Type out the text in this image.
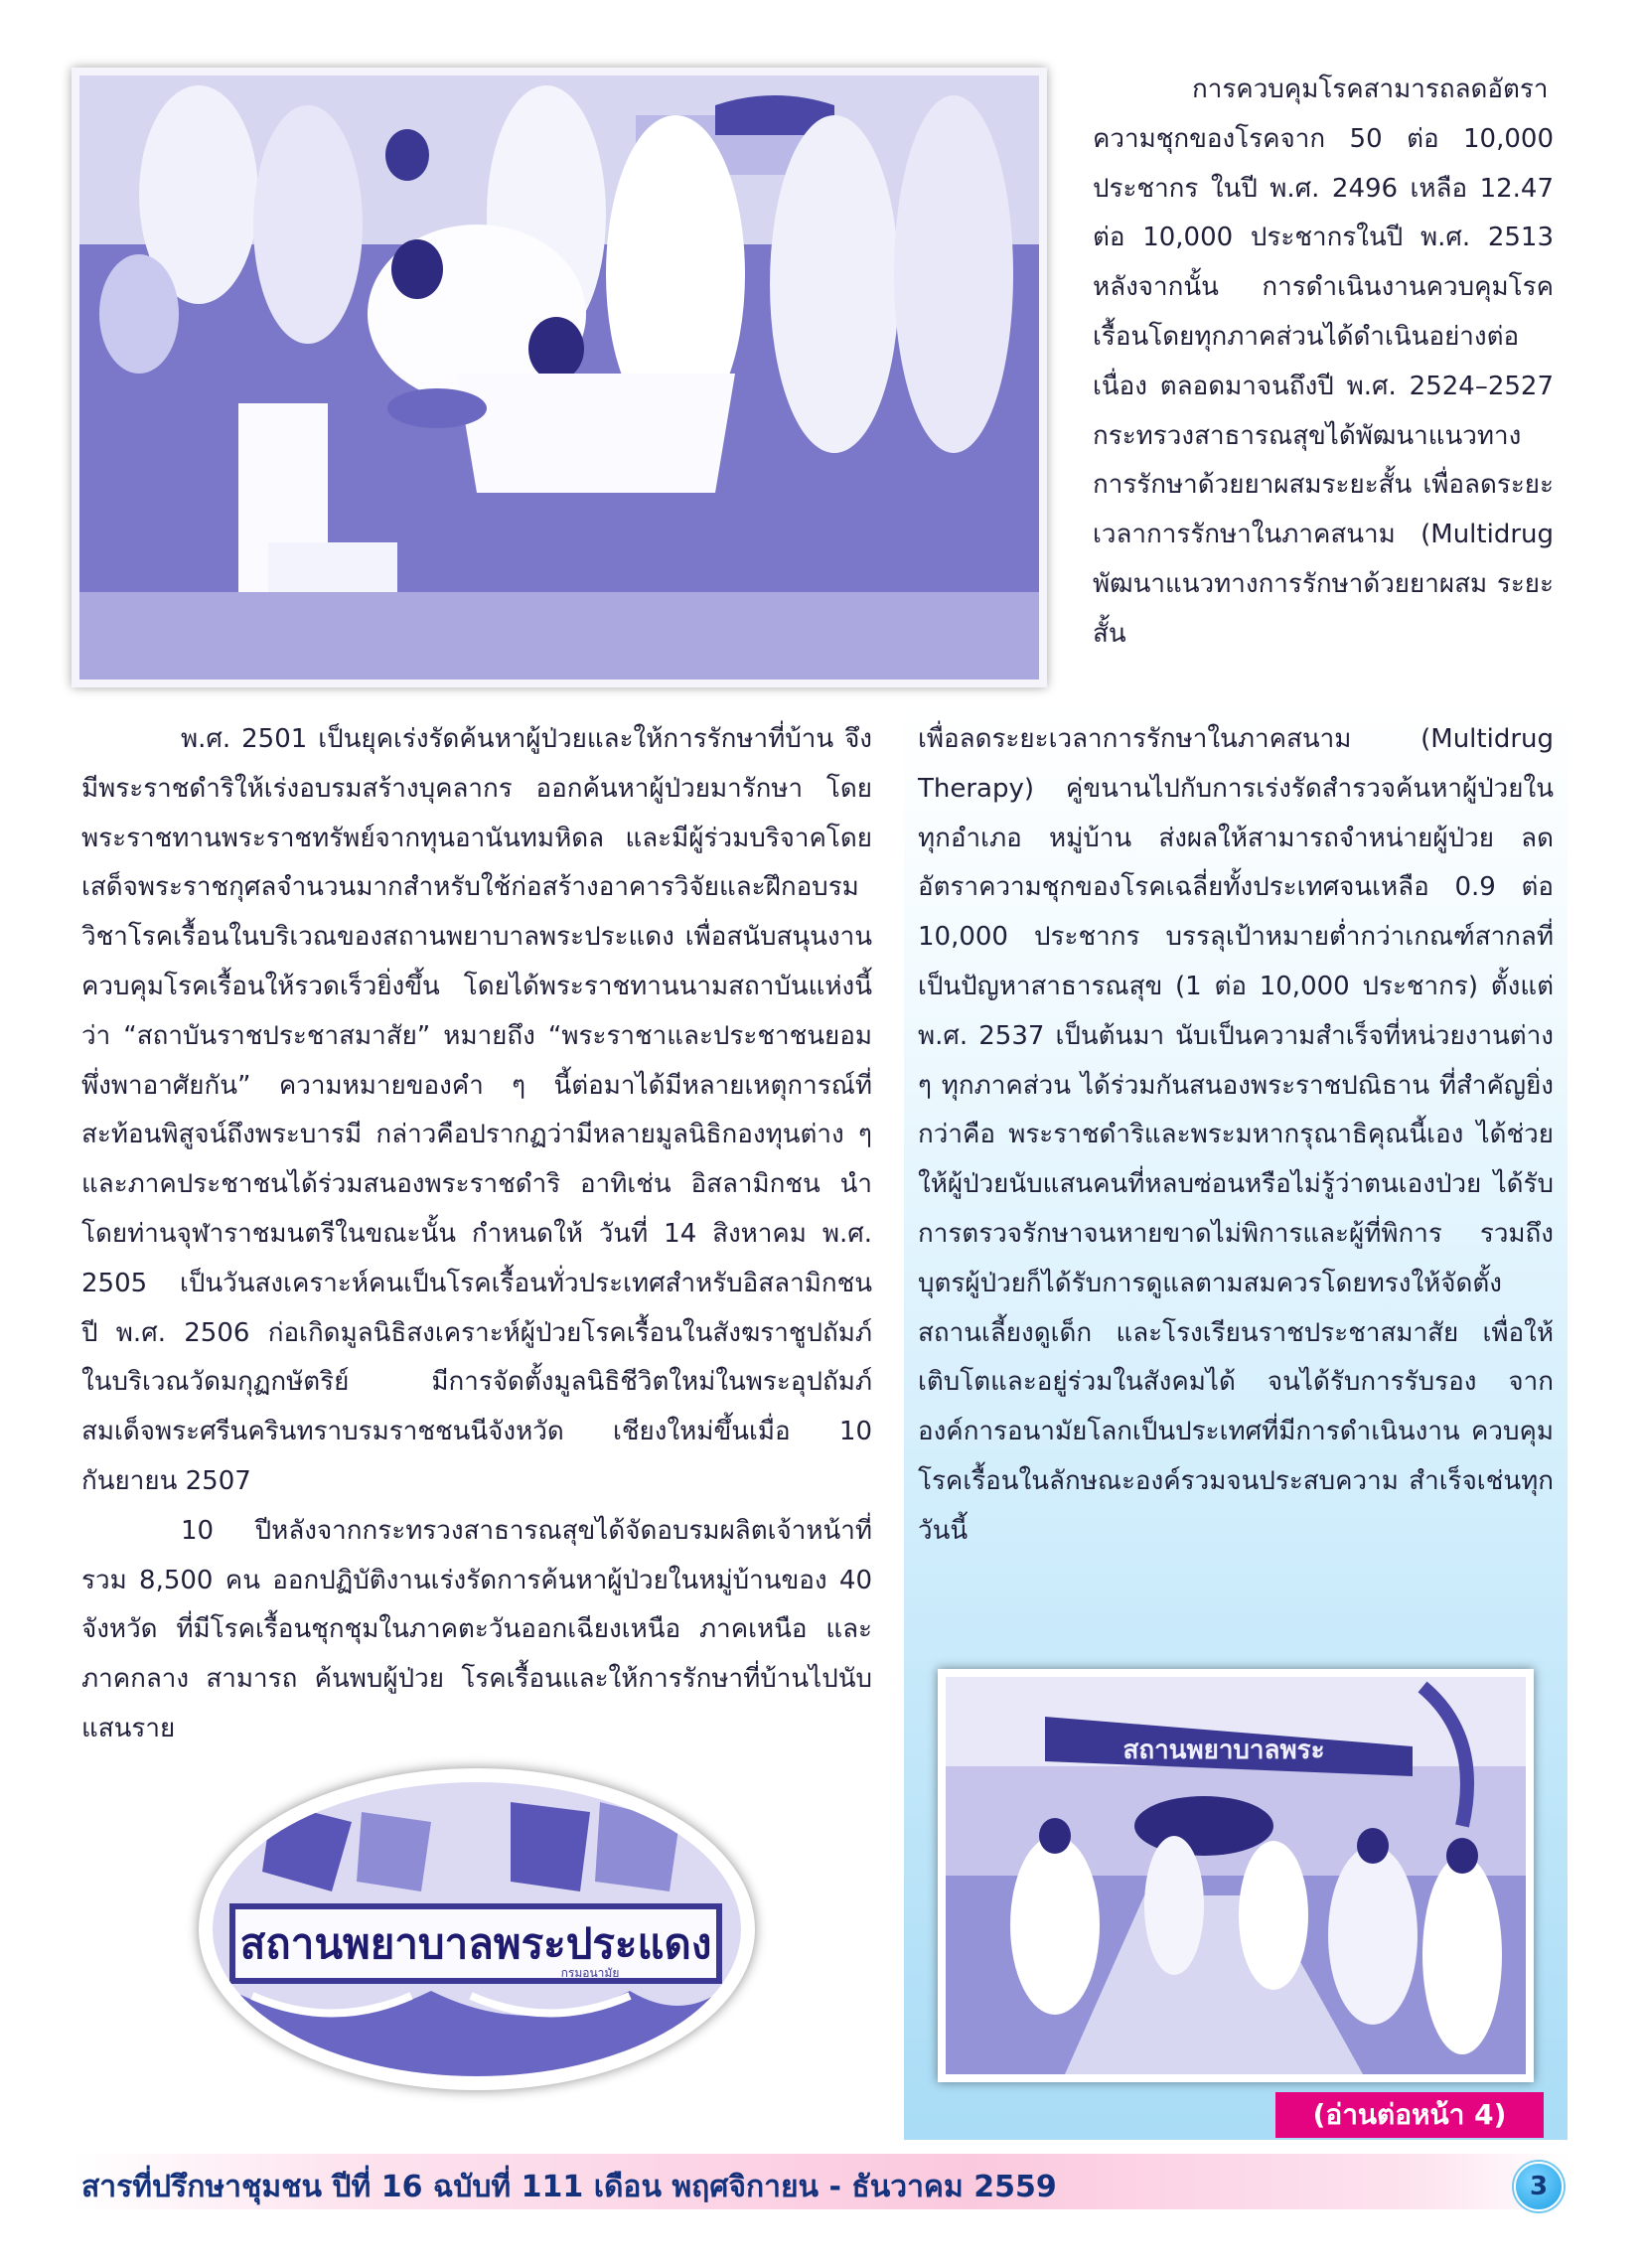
การควบคุมโรคสามารถลดอัตราความชุกของโรคจาก 50 ต่อ 10,000 ประชากร ในปี พ.ศ. 2496 เหลือ 12.47 ต่อ 10,000 ประชากรในปี พ.ศ. 2513 หลังจากนั้น การดำเนินงานควบคุมโรคเรื้อนโดยทุกภาคส่วนได้ดำเนินอย่างต่อเนื่อง ตลอดมาจนถึงปี พ.ศ. 2524–2527 กระทรวงสาธารณสุขได้พัฒนาแนวทางการรักษาด้วยยาผสมระยะสั้น เพื่อลดระยะเวลาการรักษาในภาคสนาม (Multidrug พัฒนาแนวทางการรักษาด้วยยาผสม ระยะสั้น

พ.ศ. 2501 เป็นยุคเร่งรัดค้นหาผู้ป่วยและให้การรักษาที่บ้าน จึงมีพระราชดำริให้เร่งอบรมสร้างบุคลากร ออกค้นหาผู้ป่วยมารักษา โดยพระราชทานพระราชทรัพย์จากทุนอานันทมหิดล และมีผู้ร่วมบริจาคโดยเสด็จพระราชกุศลจำนวนมากสำหรับใช้ก่อสร้างอาคารวิจัยและฝึกอบรมวิชาโรคเรื้อนในบริเวณของสถานพยาบาลพระประแดง เพื่อสนับสนุนงานควบคุมโรคเรื้อนให้รวดเร็วยิ่งขึ้น โดยได้พระราชทานนามสถาบันแห่งนี้ว่า “สถาบันราชประชาสมาสัย” หมายถึง “พระราชาและประชาชนยอมพึ่งพาอาศัยกัน” ความหมายของคำ ๆ นี้ต่อมาได้มีหลายเหตุการณ์ที่สะท้อนพิสูจน์ถึงพระบารมี กล่าวคือปรากฏว่ามีหลายมูลนิธิกองทุนต่าง ๆ และภาคประชาชนได้ร่วมสนองพระราชดำริ อาทิเช่น อิสลามิกชน นำโดยท่านจุฬาราชมนตรีในขณะนั้น กำหนดให้ วันที่ 14 สิงหาคม พ.ศ. 2505 เป็นวันสงเคราะห์คนเป็นโรคเรื้อนทั่วประเทศสำหรับอิสลามิกชน ปี พ.ศ. 2506 ก่อเกิดมูลนิธิสงเคราะห์ผู้ป่วยโรคเรื้อนในสังฆราชูปถัมภ์ ในบริเวณวัดมกุฏกษัตริย์ มีการจัดตั้งมูลนิธิชีวิตใหม่ในพระอุปถัมภ์ สมเด็จพระศรีนครินทราบรมราชชนนีจังหวัด เชียงใหม่ขึ้นเมื่อ 10 กันยายน 2507

10 ปีหลังจากกระทรวงสาธารณสุขได้จัดอบรมผลิตเจ้าหน้าที่ รวม 8,500 คน ออกปฏิบัติงานเร่งรัดการค้นหาผู้ป่วยในหมู่บ้านของ 40 จังหวัด ที่มีโรคเรื้อนชุกชุมในภาคตะวันออกเฉียงเหนือ ภาคเหนือ และภาคกลาง สามารถ ค้นพบผู้ป่วย โรคเรื้อนและให้การรักษาที่บ้านไปนับ แสนราย

เพื่อลดระยะเวลาการรักษาในภาคสนาม (Multidrug Therapy) คู่ขนานไปกับการเร่งรัดสำรวจค้นหาผู้ป่วยในทุกอำเภอ หมู่บ้าน ส่งผลให้สามารถจำหน่ายผู้ป่วย ลดอัตราความชุกของโรคเฉลี่ยทั้งประเทศจนเหลือ 0.9 ต่อ 10,000 ประชากร บรรลุเป้าหมายต่ำกว่าเกณฑ์สากลที่เป็นปัญหาสาธารณสุข (1 ต่อ 10,000 ประชากร) ตั้งแต่ พ.ศ. 2537 เป็นต้นมา นับเป็นความสำเร็จที่หน่วยงานต่าง ๆ ทุกภาคส่วน ได้ร่วมกันสนองพระราชปณิธาน ที่สำคัญยิ่งกว่าคือ พระราชดำริและพระมหากรุณาธิคุณนี้เอง ได้ช่วยให้ผู้ป่วยนับแสนคนที่หลบซ่อนหรือไม่รู้ว่าตนเองป่วย ได้รับการตรวจรักษาจนหายขาดไม่พิการและผู้ที่พิการ รวมถึงบุตรผู้ป่วยก็ได้รับการดูแลตามสมควรโดยทรงให้จัดตั้งสถานเลี้ยงดูเด็ก และโรงเรียนราชประชาสมาสัย เพื่อให้เติบโตและอยู่ร่วมในสังคมได้ จนได้รับการรับรอง จากองค์การอนามัยโลกเป็นประเทศที่มีการดำเนินงาน ควบคุมโรคเรื้อนในลักษณะองค์รวมจนประสบความ สำเร็จเช่นทุกวันนี้

สถานพยาบาลพระประแดง
กรมอนามัย
สถานพยาบาลพระ
(อ่านต่อหน้า 4)
สารที่ปรึกษาชุมชน ปีที่ 16 ฉบับที่ 111 เดือน พฤศจิกายน - ธันวาคม 2559	3
